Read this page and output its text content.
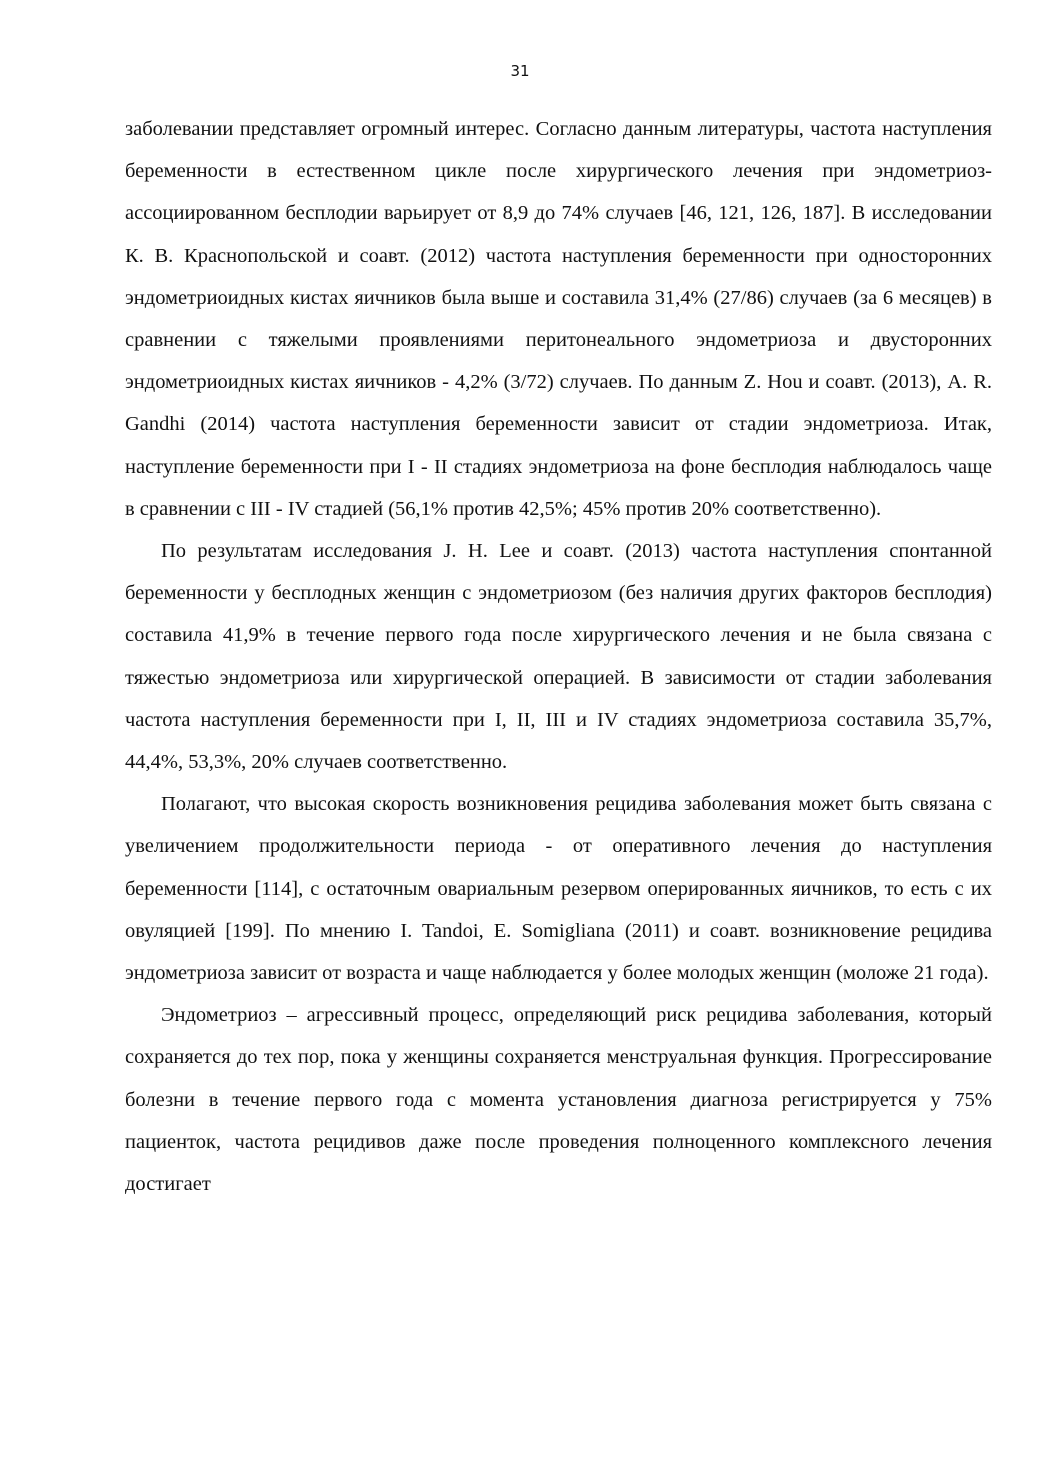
31

заболевании представляет огромный интерес. Согласно данным литературы, частота наступления беременности в естественном цикле после хирургического лечения при эндометриоз-ассоциированном бесплодии варьирует от 8,9 до 74% случаев [46, 121, 126, 187]. В исследовании К. В. Краснопольской и соавт. (2012) частота наступления беременности при односторонних эндометриоидных кистах яичников была выше и составила 31,4% (27/86) случаев (за 6 месяцев) в сравнении с тяжелыми проявлениями перитонеального эндометриоза и двусторонних эндометриоидных кистах яичников - 4,2% (3/72) случаев. По данным Z. Hou и соавт. (2013), A. R. Gandhi (2014) частота наступления беременности зависит от стадии эндометриоза. Итак, наступление беременности при I - II стадиях эндометриоза на фоне бесплодия наблюдалось чаще в сравнении с III - IV стадией (56,1% против 42,5%; 45% против 20% соответственно).

По результатам исследования J. H. Lee и соавт. (2013) частота наступления спонтанной беременности у бесплодных женщин с эндометриозом (без наличия других факторов бесплодия) составила 41,9% в течение первого года после хирургического лечения и не была связана с тяжестью эндометриоза или хирургической операцией. В зависимости от стадии заболевания частота наступления беременности при I, II, III и IV стадиях эндометриоза составила 35,7%, 44,4%, 53,3%, 20% случаев соответственно.

Полагают, что высокая скорость возникновения рецидива заболевания может быть связана с увеличением продолжительности периода - от оперативного лечения до наступления беременности [114], с остаточным овариальным резервом оперированных яичников, то есть с их овуляцией [199]. По мнению I. Tandoi, E. Somigliana (2011) и соавт. возникновение рецидива эндометриоза зависит от возраста и чаще наблюдается у более молодых женщин (моложе 21 года).

Эндометриоз – агрессивный процесс, определяющий риск рецидива заболевания, который сохраняется до тех пор, пока у женщины сохраняется менструальная функция. Прогрессирование болезни в течение первого года с момента установления диагноза регистрируется у 75% пациенток, частота рецидивов даже после проведения полноценного комплексного лечения достигает
